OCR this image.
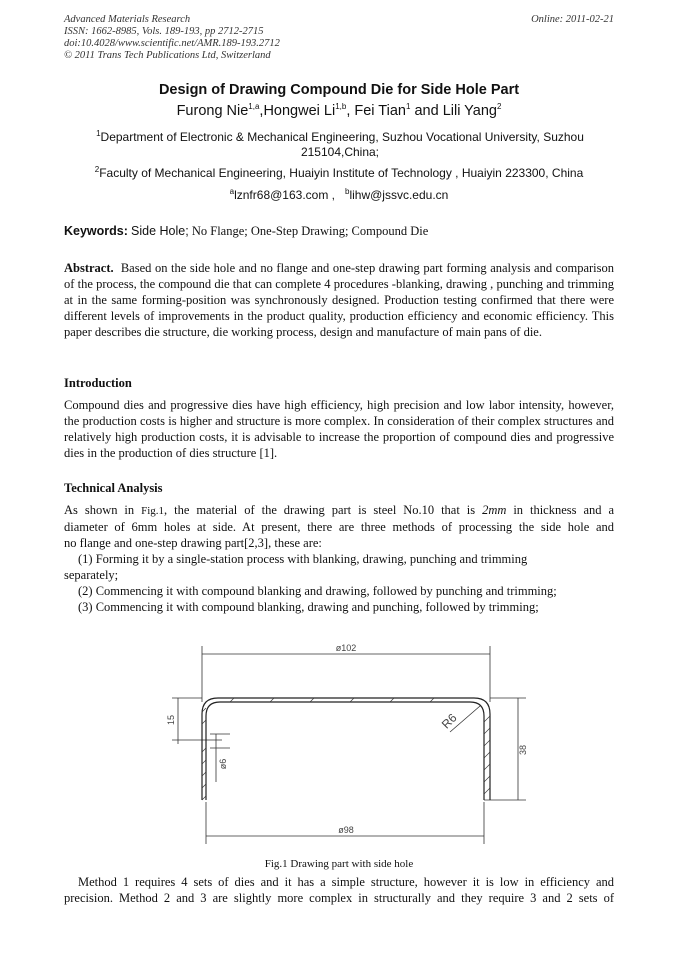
Advanced Materials Research
ISSN: 1662-8985, Vols. 189-193, pp 2712-2715
doi:10.4028/www.scientific.net/AMR.189-193.2712
© 2011 Trans Tech Publications Ltd, Switzerland
Online: 2011-02-21
Design of Drawing Compound Die for Side Hole Part
Furong Nie$^{1,a}$,Hongwei Li$^{1,b}$, Fei Tian$^1$ and Lili Yang$^2$
$^1$Department of Electronic & Mechanical Engineering, Suzhou Vocational University, Suzhou 215104,China;
$^2$Faculty of Mechanical Engineering, Huaiyin Institute of Technology , Huaiyin 223300, China
$^a$lznfr68@163.com ,   $^b$lihw@jssvc.edu.cn
Keywords: Side Hole; No Flange; One-Step Drawing; Compound Die

Abstract. Based on the side hole and no flange and one-step drawing part forming analysis and comparison of the process, the compound die that can complete 4 procedures -blanking, drawing , punching and trimming at in the same forming-position was synchronously designed. Production testing confirmed that there were different levels of improvements in the product quality, production efficiency and economic efficiency. This paper describes die structure, die working process, design and manufacture of main pans of die.

Introduction

Compound dies and progressive dies have high efficiency, high precision and low labor intensity, however, the production costs is higher and structure is more complex. In consideration of their complex structures and relatively high production costs, it is advisable to increase the proportion of compound dies and progressive dies in the production of dies structure [1].

Technical Analysis
As shown in Fig.1, the material of the drawing part is steel No.10 that is 2mm in thickness and a
diameter of 6mm holes at side. At present, there are three methods of processing the side hole and
no flange and one-step drawing part[2,3], these are:
(1) Forming it by a single-station process with blanking, drawing, punching and trimming
separately;
(2) Commencing it with compound blanking and drawing, followed by punching and trimming;
(3) Commencing it with compound blanking, drawing and punching, followed by trimming;
ø102
ø98
38
15
ø6
R6
Fig.1 Drawing part with side hole
Method 1 requires 4 sets of dies and it has a simple structure, however it is low in efficiency and
precision. Method 2 and 3 are slightly more complex in structurally and they require 3 and 2 sets of
